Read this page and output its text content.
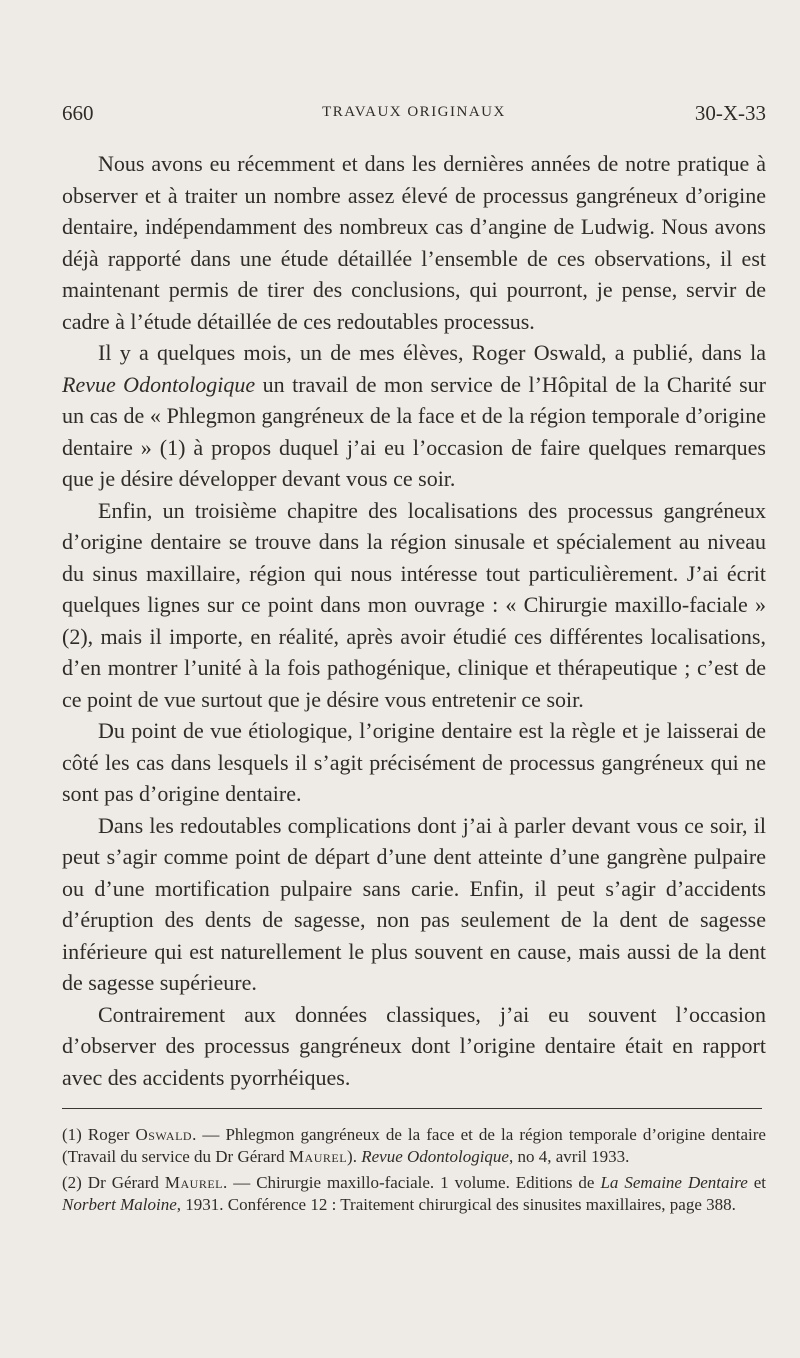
660	TRAVAUX ORIGINAUX	30-X-33

Nous avons eu récemment et dans les dernières années de notre pratique à observer et à traiter un nombre assez élevé de processus gangréneux d’origine dentaire, indépendamment des nombreux cas d’angine de Ludwig. Nous avons déjà rapporté dans une étude détaillée l’ensemble de ces observations, il est maintenant permis de tirer des conclusions, qui pourront, je pense, servir de cadre à l’étude détaillée de ces redoutables processus.

Il y a quelques mois, un de mes élèves, Roger Oswald, a publié, dans la Revue Odontologique un travail de mon service de l’Hôpital de la Charité sur un cas de « Phlegmon gangréneux de la face et de la région temporale d’origine dentaire » (1) à propos duquel j’ai eu l’occasion de faire quelques remarques que je désire développer devant vous ce soir.

Enfin, un troisième chapitre des localisations des processus gangréneux d’origine dentaire se trouve dans la région sinusale et spécialement au niveau du sinus maxillaire, région qui nous intéresse tout particulièrement. J’ai écrit quelques lignes sur ce point dans mon ouvrage : « Chirurgie maxillo-faciale » (2), mais il importe, en réalité, après avoir étudié ces différentes localisations, d’en montrer l’unité à la fois pathogénique, clinique et thérapeutique ; c’est de ce point de vue surtout que je désire vous entretenir ce soir.

Du point de vue étiologique, l’origine dentaire est la règle et je laisserai de côté les cas dans lesquels il s’agit précisément de processus gangréneux qui ne sont pas d’origine dentaire.

Dans les redoutables complications dont j’ai à parler devant vous ce soir, il peut s’agir comme point de départ d’une dent atteinte d’une gangrène pulpaire ou d’une mortification pulpaire sans carie. Enfin, il peut s’agir d’accidents d’éruption des dents de sagesse, non pas seulement de la dent de sagesse inférieure qui est naturellement le plus souvent en cause, mais aussi de la dent de sagesse supérieure.

Contrairement aux données classiques, j’ai eu souvent l’occasion d’observer des processus gangréneux dont l’origine dentaire était en rapport avec des accidents pyorrhéiques.

(1) Roger Oswald. — Phlegmon gangréneux de la face et de la région temporale d’origine dentaire (Travail du service du Dr Gérard Maurel). Revue Odontologique, no 4, avril 1933.

(2) Dr Gérard Maurel. — Chirurgie maxillo-faciale. 1 volume. Editions de La Semaine Dentaire et Norbert Maloine, 1931. Conférence 12 : Traitement chirurgical des sinusites maxillaires, page 388.
